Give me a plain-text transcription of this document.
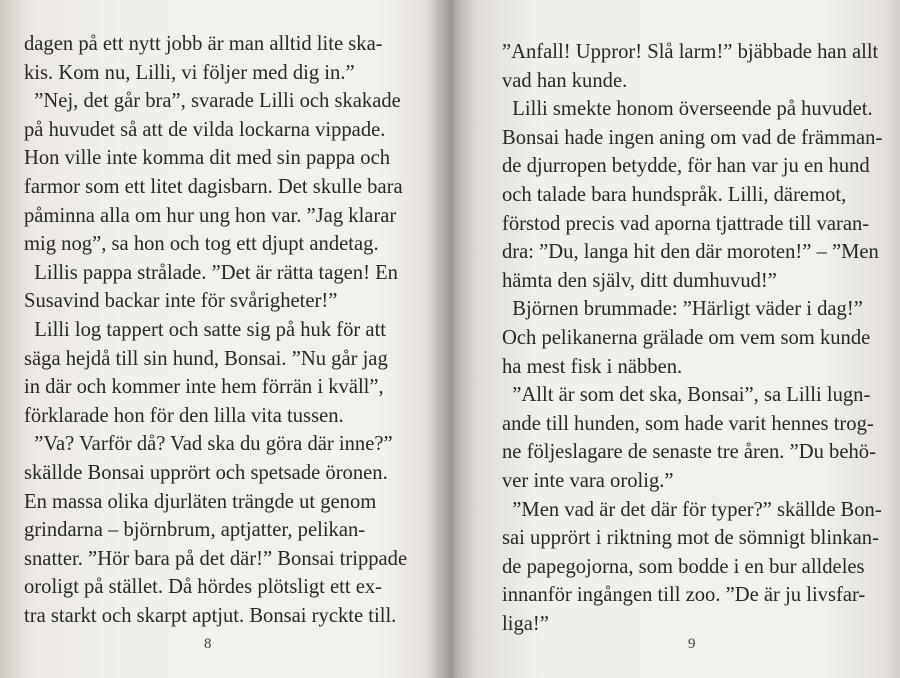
dagen på ett nytt jobb är man alltid lite ska-
kis. Kom nu, Lilli, vi följer med dig in.”
”Nej, det går bra”, svarade Lilli och skakade
på huvudet så att de vilda lockarna vippade.
Hon ville inte komma dit med sin pappa och
farmor som ett litet dagisbarn. Det skulle bara
påminna alla om hur ung hon var. ”Jag klarar
mig nog”, sa hon och tog ett djupt andetag.
Lillis pappa strålade. ”Det är rätta tagen! En
Susavind backar inte för svårigheter!”
Lilli log tappert och satte sig på huk för att
säga hejdå till sin hund, Bonsai. ”Nu går jag
in där och kommer inte hem förrän i kväll”,
förklarade hon för den lilla vita tussen.
”Va? Varför då? Vad ska du göra där inne?”
skällde Bonsai upprört och spetsade öronen.
En massa olika djurläten trängde ut genom
grindarna – björnbrum, aptjatter, pelikan-
snatter. ”Hör bara på det där!” Bonsai trippade
oroligt på stället. Då hördes plötsligt ett ex-
tra starkt och skarpt aptjut. Bonsai ryckte till.
8
”Anfall! Uppror! Slå larm!” bjäbbade han allt
vad han kunde.
Lilli smekte honom överseende på huvudet.
Bonsai hade ingen aning om vad de främman-
de djurropen betydde, för han var ju en hund
och talade bara hundspråk. Lilli, däremot,
förstod precis vad aporna tjattrade till varan-
dra: ”Du, langa hit den där moroten!” – ”Men
hämta den själv, ditt dumhuvud!”
Björnen brummade: ”Härligt väder i dag!”
Och pelikanerna grälade om vem som kunde
ha mest fisk i näbben.
”Allt är som det ska, Bonsai”, sa Lilli lugn-
ande till hunden, som hade varit hennes trog-
ne följeslagare de senaste tre åren. ”Du behö-
ver inte vara orolig.”
”Men vad är det där för typer?” skällde Bon-
sai upprört i riktning mot de sömnigt blinkan-
de papegojorna, som bodde i en bur alldeles
innanför ingången till zoo. ”De är ju livsfar-
liga!”
9
